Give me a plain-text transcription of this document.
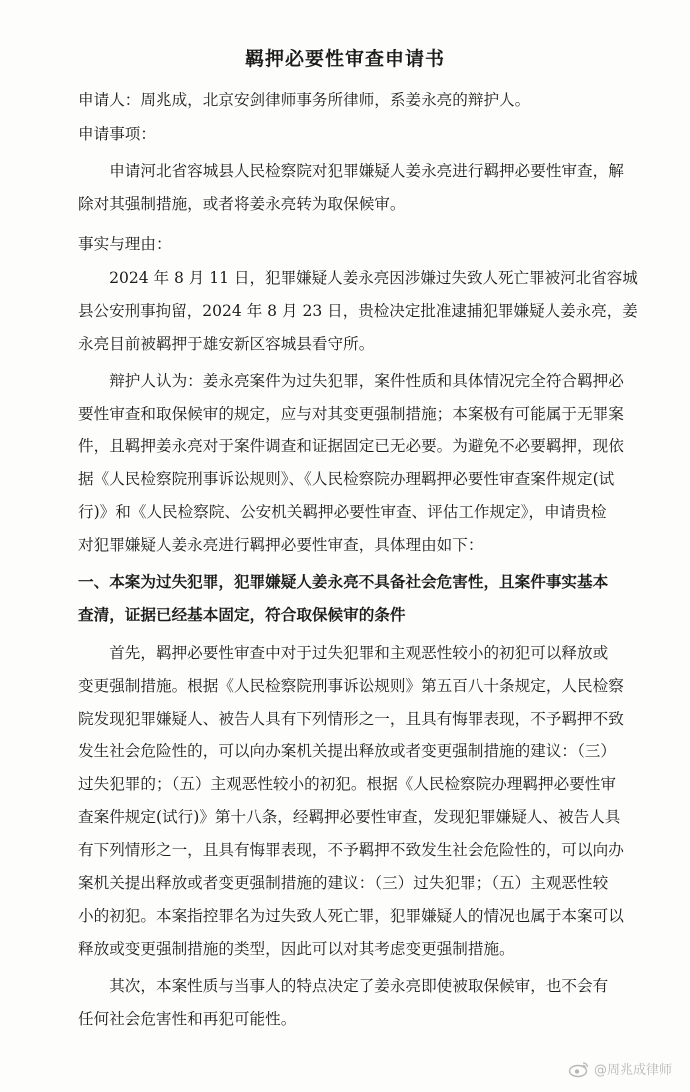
羁押必要性审查申请书
申请人：周兆成，北京安剑律师事务所律师，系姜永亮的辩护人。
申请事项：
　　申请河北省容城县人民检察院对犯罪嫌疑人姜永亮进行羁押必要性审查，解
除对其强制措施，或者将姜永亮转为取保候审。
事实与理由：
　　2024 年 8 月 11 日，犯罪嫌疑人姜永亮因涉嫌过失致人死亡罪被河北省容城
县公安刑事拘留，2024 年 8 月 23 日，贵检决定批准逮捕犯罪嫌疑人姜永亮，姜
永亮目前被羁押于雄安新区容城县看守所。
　　辩护人认为：姜永亮案件为过失犯罪，案件性质和具体情况完全符合羁押必
要性审查和取保候审的规定，应与对其变更强制措施；本案极有可能属于无罪案
件，且羁押姜永亮对于案件调查和证据固定已无必要。为避免不必要羁押，现依
据《人民检察院刑事诉讼规则》、《人民检察院办理羁押必要性审查案件规定(试
行)》和《人民检察院、公安机关羁押必要性审查、评估工作规定》，申请贵检
对犯罪嫌疑人姜永亮进行羁押必要性审查，具体理由如下：
一、本案为过失犯罪，犯罪嫌疑人姜永亮不具备社会危害性，且案件事实基本
查清，证据已经基本固定，符合取保候审的条件
　　首先，羁押必要性审查中对于过失犯罪和主观恶性较小的初犯可以释放或
变更强制措施。根据《人民检察院刑事诉讼规则》第五百八十条规定，人民检察
院发现犯罪嫌疑人、被告人具有下列情形之一，且具有悔罪表现，不予羁押不致
发生社会危险性的，可以向办案机关提出释放或者变更强制措施的建议：（三）
过失犯罪的；（五）主观恶性较小的初犯。根据《人民检察院办理羁押必要性审
查案件规定(试行)》第十八条，经羁押必要性审查，发现犯罪嫌疑人、被告人具
有下列情形之一，且具有悔罪表现，不予羁押不致发生社会危险性的，可以向办
案机关提出释放或者变更强制措施的建议：（三）过失犯罪；（五）主观恶性较
小的初犯。本案指控罪名为过失致人死亡罪，犯罪嫌疑人的情况也属于本案可以
释放或变更强制措施的类型，因此可以对其考虑变更强制措施。
　　其次，本案性质与当事人的特点决定了姜永亮即使被取保候审，也不会有
任何社会危害性和再犯可能性。
@周兆成律师
